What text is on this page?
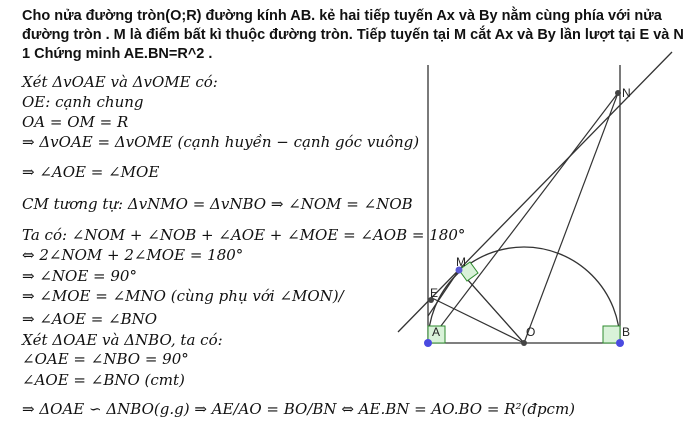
Cho nửa đường tròn(O;R) đường kính AB. kẻ hai tiếp tuyến Ax và By nằm cùng phía với nửa đường tròn . M là điểm bất kì thuộc đường tròn. Tiếp tuyến tại M cắt Ax và By lần lượt tại E và N 1 Chứng minh AE.BN=R^2 .
Xét ΔvOAE và ΔvOME có:
OE: cạnh chung
OA = OM = R
⇒ ΔvOAE = ΔvOME (cạnh huyền − cạnh góc vuông)
⇒ ∠AOE = ∠MOE
CM tương tự: ΔvNMO = ΔvNBO ⇒ ∠NOM = ∠NOB
Ta có: ∠NOM + ∠NOB + ∠AOE + ∠MOE = ∠AOB = 180°
⇔ 2∠NOM + 2∠MOE = 180°
⇒ ∠NOE = 90°
⇒ ∠MOE = ∠MNO (cùng phụ với ∠MON)/
⇒ ∠AOE = ∠BNO
Xét ΔOAE và ΔNBO, ta có:
∠OAE = ∠NBO = 90°
∠AOE = ∠BNO (cmt)
⇒ ΔOAE ∽ ΔNBO(g.g) ⇒ AE/AO = BO/BN ⇔ AE.BN = AO.BO = R²(đpcm)
N
M
E
A	O	B
